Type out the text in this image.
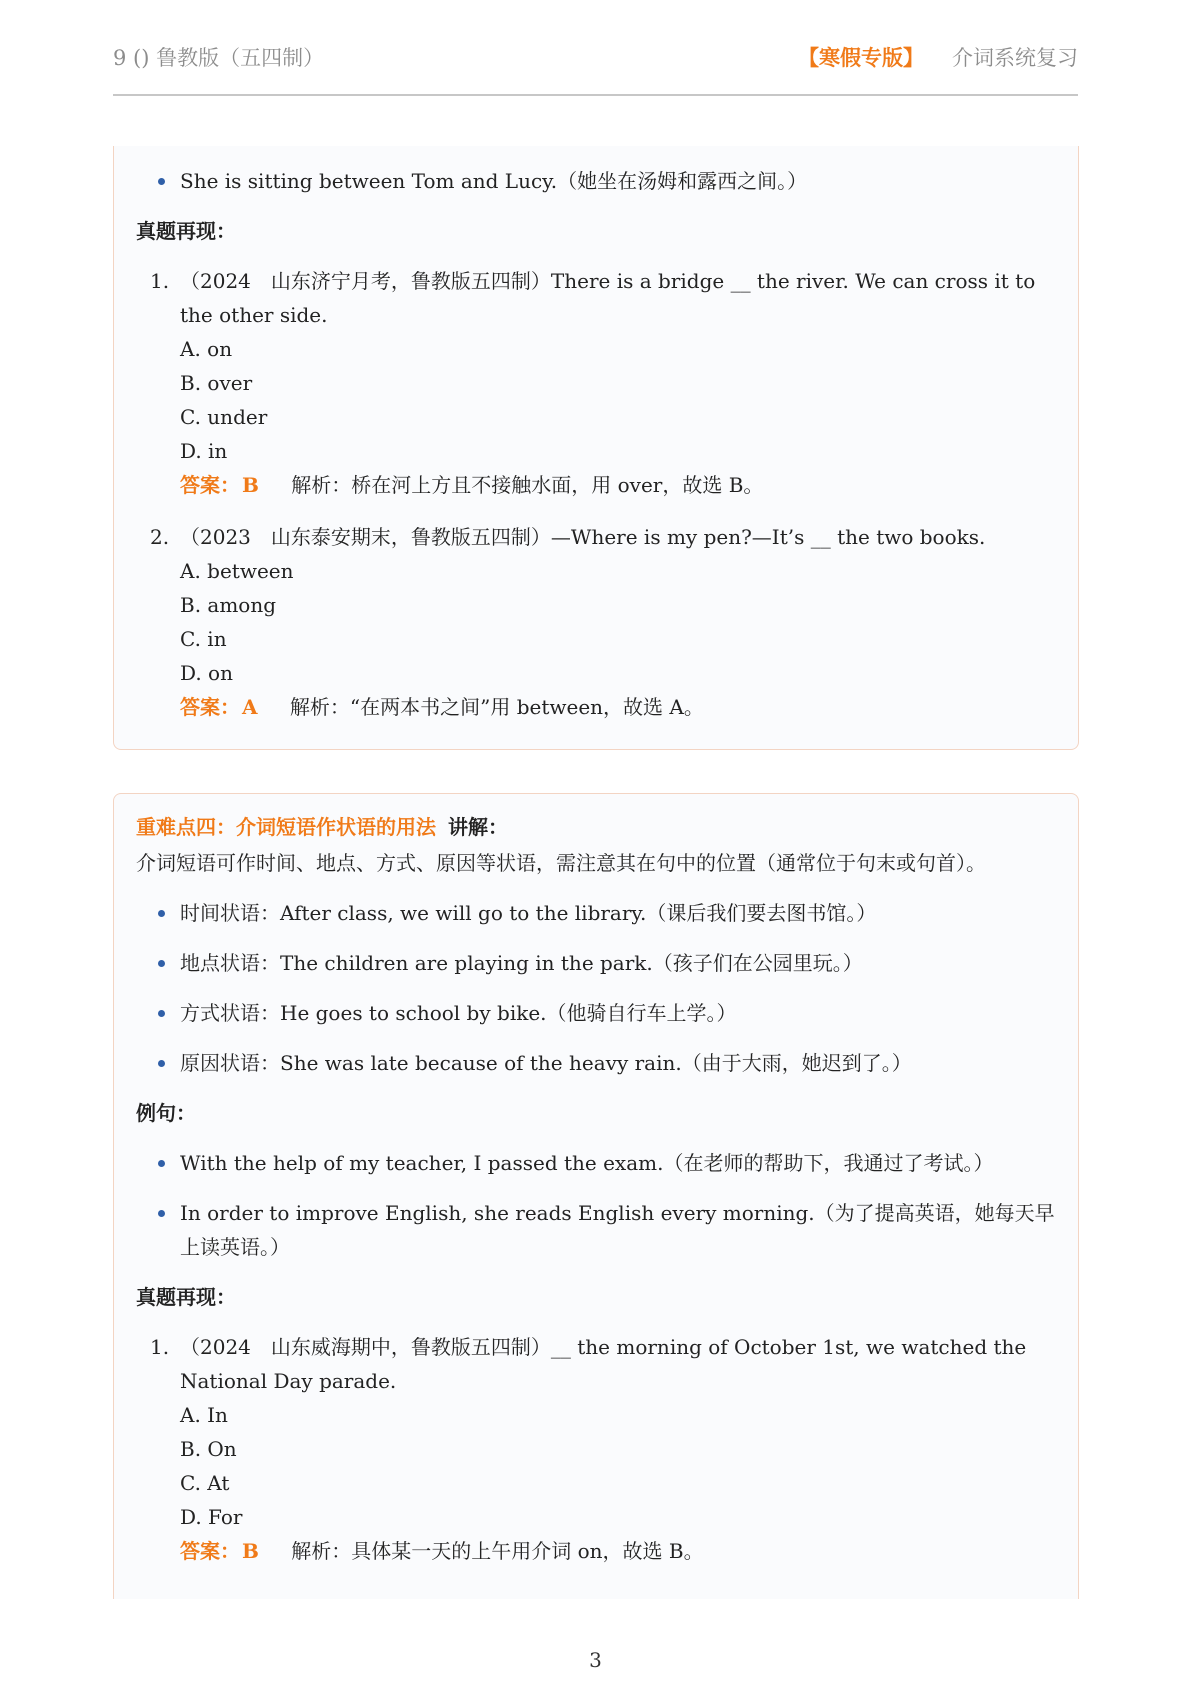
9 () 鲁教版（五四制）	【寒假专版】 介词系统复习
She is sitting between Tom and Lucy.（她坐在汤姆和露西之间。）
真题再现：
1. （2024　山东济宁月考，鲁教版五四制）There is a bridge __ the river. We can cross it to the other side.
A. on
B. over
C. under
D. in
答案： B 解析：桥在河上方且不接触水面，用 over，故选 B。
2. （2023　山东泰安期末，鲁教版五四制）—Where is my pen?—It’s __ the two books.
A. between
B. among
C. in
D. on
答案： A 解析：“在两本书之间”用 between，故选 A。
重难点四：介词短语作状语的用法 讲解：
介词短语可作时间、地点、方式、原因等状语，需注意其在句中的位置（通常位于句末或句首）。
时间状语：After class, we will go to the library.（课后我们要去图书馆。）
地点状语：The children are playing in the park.（孩子们在公园里玩。）
方式状语：He goes to school by bike.（他骑自行车上学。）
原因状语：She was late because of the heavy rain.（由于大雨，她迟到了。）
例句：
With the help of my teacher, I passed the exam.（在老师的帮助下，我通过了考试。）
In order to improve English, she reads English every morning.（为了提高英语，她每天早上读英语。）
真题再现：
1. （2024　山东威海期中，鲁教版五四制）__ the morning of October 1st, we watched the National Day parade.
A. In
B. On
C. At
D. For
答案： B 解析：具体某一天的上午用介词 on，故选 B。
3
